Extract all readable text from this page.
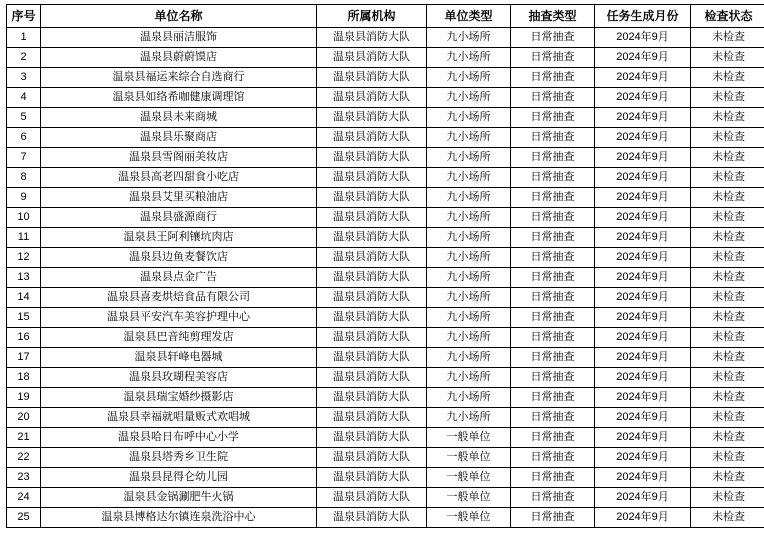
序号	单位名称	所属机构	单位类型	抽查类型	任务生成月份	检查状态
1	温泉县丽洁服饰	温泉县消防大队	九小场所	日常抽查	2024年9月	未检查
2	温泉县蔚蔚馍店	温泉县消防大队	九小场所	日常抽查	2024年9月	未检查
3	温泉县福运来综合自选商行	温泉县消防大队	九小场所	日常抽查	2024年9月	未检查
4	温泉县如络希咖健康调理馆	温泉县消防大队	九小场所	日常抽查	2024年9月	未检查
5	温泉县未来商城	温泉县消防大队	九小场所	日常抽查	2024年9月	未检查
6	温泉县乐聚商店	温泉县消防大队	九小场所	日常抽查	2024年9月	未检查
7	温泉县雪阁丽美妆店	温泉县消防大队	九小场所	日常抽查	2024年9月	未检查
8	温泉县高老四甜食小吃店	温泉县消防大队	九小场所	日常抽查	2024年9月	未检查
9	温泉县艾里买粮油店	温泉县消防大队	九小场所	日常抽查	2024年9月	未检查
10	温泉县盛源商行	温泉县消防大队	九小场所	日常抽查	2024年9月	未检查
11	温泉县王阿利镶坑肉店	温泉县消防大队	九小场所	日常抽查	2024年9月	未检查
12	温泉县边鱼麦餐饮店	温泉县消防大队	九小场所	日常抽查	2024年9月	未检查
13	温泉县点金广告	温泉县消防大队	九小场所	日常抽查	2024年9月	未检查
14	温泉县喜麦烘焙食品有限公司	温泉县消防大队	九小场所	日常抽查	2024年9月	未检查
15	温泉县平安汽车美容护理中心	温泉县消防大队	九小场所	日常抽查	2024年9月	未检查
16	温泉县巴音纯剪理发店	温泉县消防大队	九小场所	日常抽查	2024年9月	未检查
17	温泉县轩峰电器城	温泉县消防大队	九小场所	日常抽查	2024年9月	未检查
18	温泉县玫瑚程美容店	温泉县消防大队	九小场所	日常抽查	2024年9月	未检查
19	温泉县瑞宝婚纱摄影店	温泉县消防大队	九小场所	日常抽查	2024年9月	未检查
20	温泉县幸福就唱量贩式欢唱城	温泉县消防大队	九小场所	日常抽查	2024年9月	未检查
21	温泉县哈日布呼中心小学	温泉县消防大队	一般单位	日常抽查	2024年9月	未检查
22	温泉县塔秀乡卫生院	温泉县消防大队	一般单位	日常抽查	2024年9月	未检查
23	温泉县昆得仑幼儿园	温泉县消防大队	一般单位	日常抽查	2024年9月	未检查
24	温泉县金锅涮肥牛火锅	温泉县消防大队	一般单位	日常抽查	2024年9月	未检查
25	温泉县博格达尔镇连泉洗浴中心	温泉县消防大队	一般单位	日常抽查	2024年9月	未检查
